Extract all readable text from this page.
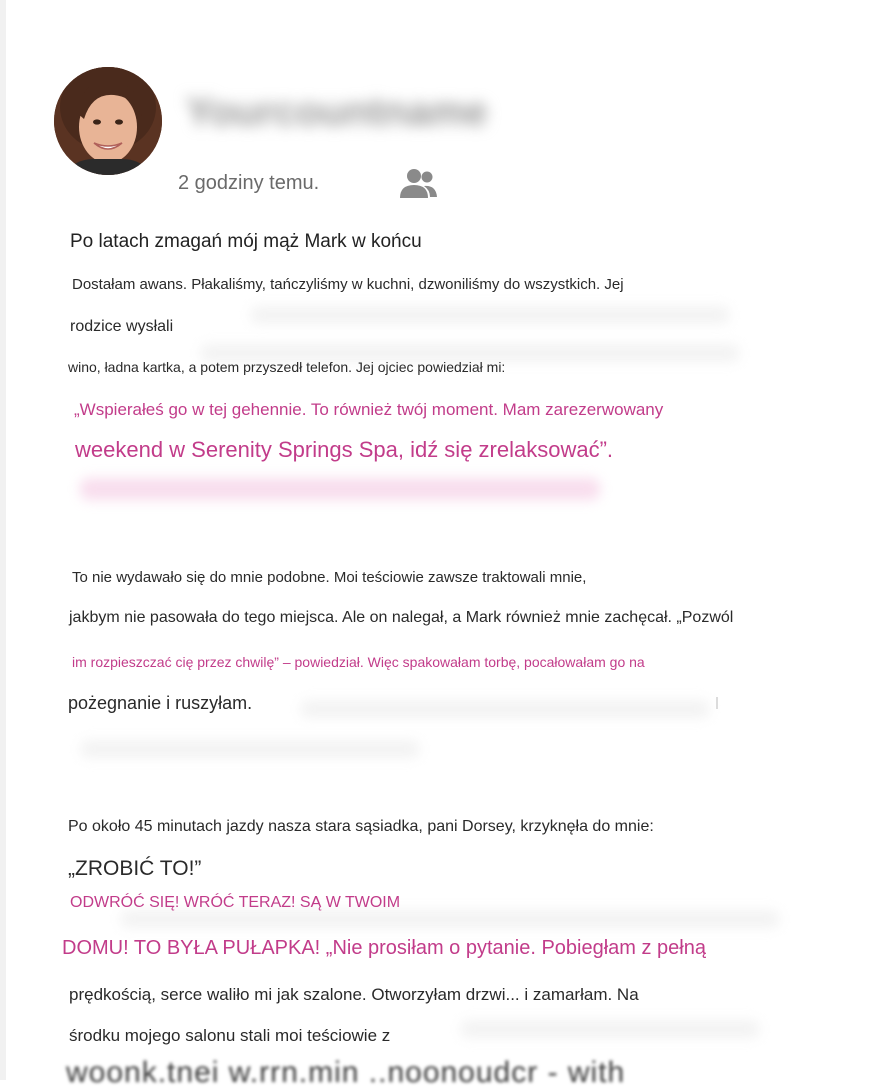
Yourcountname
2 godziny temu.
Po latach zmagań mój mąż Mark w końcu
Dostałam awans. Płakaliśmy, tańczyliśmy w kuchni, dzwoniliśmy do wszystkich. Jej
rodzice wysłali
wino, ładna kartka, a potem przyszedł telefon. Jej ojciec powiedział mi:
„Wspierałeś go w tej gehennie. To również twój moment. Mam zarezerwowany
weekend w Serenity Springs Spa, idź się zrelaksować”.
To nie wydawało się do mnie podobne. Moi teściowie zawsze traktowali mnie,
jakbym nie pasowała do tego miejsca. Ale on nalegał, a Mark również mnie zachęcał. „Pozwól
im rozpieszczać cię przez chwilę” – powiedział. Więc spakowałam torbę, pocałowałam go na
pożegnanie i ruszyłam.
Po około 45 minutach jazdy nasza stara sąsiadka, pani Dorsey, krzyknęła do mnie:
„ZROBIĆ TO!”
ODWRÓĆ SIĘ! WRÓĆ TERAZ! SĄ W TWOIM
DOMU! TO BYŁA PUŁAPKA! „Nie prosiłam o pytanie. Pobiegłam z pełną
prędkością, serce waliło mi jak szalone. Otworzyłam drzwi... i zamarłam. Na
środku mojego salonu stali moi teściowie z
woonk.tnei w.rrn.min ..noonoudcr - with
